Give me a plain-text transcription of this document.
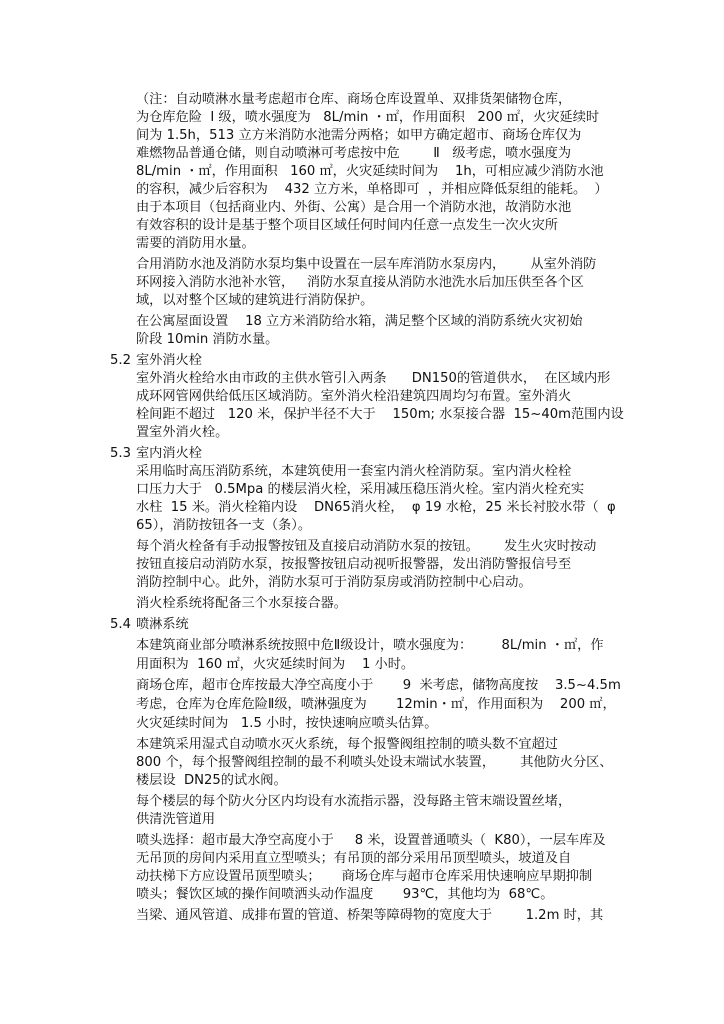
（注：自动喷淋水量考虑超市仓库、商场仓库设置单、双排货架储物仓库，
为仓库危险  Ⅰ 级，喷水强度为   8L/min ・㎡，作用面积   200 ㎡，火灾延续时
间为 1.5h，513 立方米消防水池需分两格；如甲方确定超市、商场仓库仅为
难燃物品普通仓储，则自动喷淋可考虑按中危        Ⅱ   级考虑，喷水强度为
8L/min ・㎡，作用面积   160 ㎡，火灾延续时间为    1h，可相应减少消防水池
的容积，减少后容积为    432 立方米，单格即可  ，并相应降低泵组的能耗。  ）
由于本项目（包括商业内、外街、公寓）是合用一个消防水池，故消防水池
有效容积的设计是基于整个项目区域任何时间内任意一点发生一次火灾所
需要的消防用水量。
合用消防水池及消防水泵均集中设置在一层车库消防水泵房内，      从室外消防
环网接入消防水池补水管，   消防水泵直接从消防水池洗水后加压供至各个区
域，以对整个区域的建筑进行消防保护。
在公寓屋面设置    18 立方米消防给水箱，满足整个区域的消防系统火灾初始
阶段 10min 消防水量。
5.2 室外消火栓
室外消火栓给水由市政的主供水管引入两条      DN150的管道供水，  在区域内形
成环网管网供给低压区域消防。室外消火栓沿建筑四周均匀布置。室外消火
栓间距不超过   120 米，保护半径不大于    150m; 水泵接合器  15~40m范围内设
置室外消火栓。
5.3 室内消火栓
采用临时高压消防系统，本建筑使用一套室内消火栓消防泵。室内消火栓栓
口压力大于   0.5Mpa 的楼层消火栓，采用减压稳压消火栓。室内消火栓充实
水柱  15 米。消火栓箱内设    DN65消火栓，  φ 19 水枪，25 米长衬胶水带（  φ
65），消防按钮各一支（条）。
每个消火栓备有手动报警按钮及直接启动消防水泵的按钮。      发生火灾时按动
按钮直接启动消防水泵，按报警按钮启动视听报警器，发出消防警报信号至
消防控制中心。此外，消防水泵可于消防泵房或消防控制中心启动。
消火栓系统将配备三个水泵接合器。
5.4 喷淋系统
本建筑商业部分喷淋系统按照中危Ⅱ级设计，喷水强度为：       8L/min ・㎡，作
用面积为  160 ㎡，火灾延续时间为    1 小时。
商场仓库，超市仓库按最大净空高度小于       9  米考虑，储物高度按    3.5~4.5m
考虑，仓库为仓库危险Ⅱ级，喷淋强度为       12min・㎡，作用面积为    200 ㎡，
火灾延续时间为   1.5 小时，按快速响应喷头估算。
本建筑采用湿式自动喷水灭火系统，每个报警阀组控制的喷头数不宜超过
800 个，每个报警阀组控制的最不利喷头处设末端试水装置，      其他防火分区、
楼层设  DN25的试水阀。
每个楼层的每个防火分区内均设有水流指示器，没每路主管末端设置丝堵，
供清洗管道用
喷头选择：超市最大净空高度小于     8 米，设置普通喷头（  K80），一层车库及
无吊顶的房间内采用直立型喷头；有吊顶的部分采用吊顶型喷头，坡道及自
动扶梯下方应设置吊顶型喷头；     商场仓库与超市仓库采用快速响应早期抑制
喷头；餐饮区域的操作间喷洒头动作温度       93℃，其他均为  68℃。
当梁、通风管道、成排布置的管道、桥架等障碍物的宽度大于        1.2m 时，其
